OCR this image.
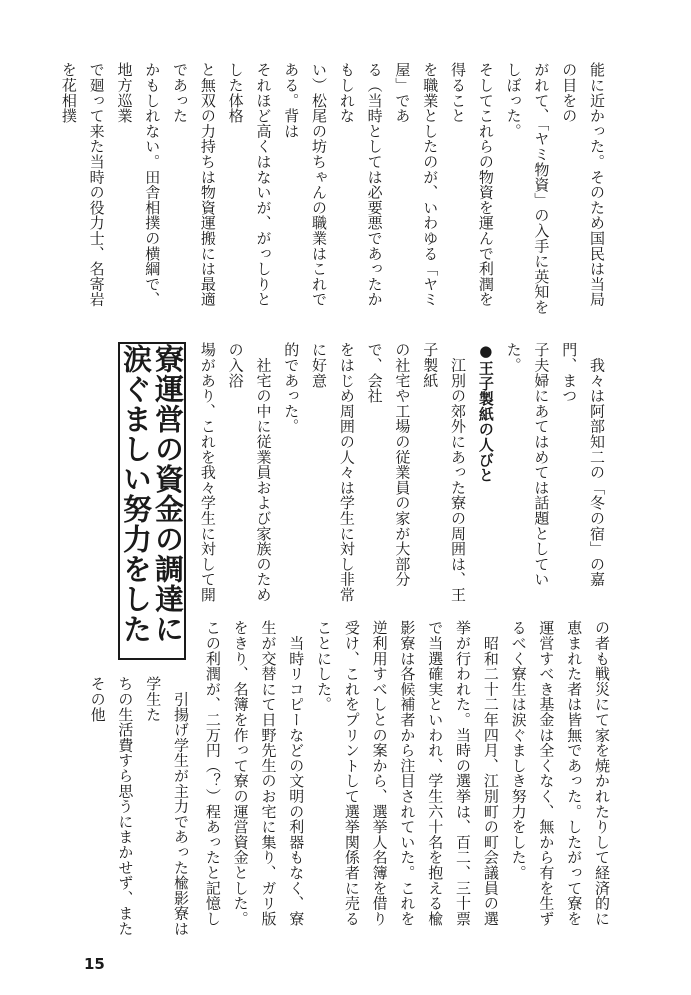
能に近かった。そのため国民は当局の目をの

がれて、「ヤミ物資」の入手に英知をしぼった。

そしてこれらの物資を運んで利潤を得ること

を職業としたのが、いわゆる「ヤミ屋」であ

る（当時としては必要悪であったかもしれな

い）松尾の坊ちゃんの職業はこれである。背は

それほど高くはないが、がっしりとした体格

と無双の力持ちは物資運搬には最適であった

かもしれない。田舎相撲の横綱で、地方巡業

で廻って来た当時の役力士、名寄岩を花相撲

　我々は阿部知二の「冬の宿」の嘉門、まつ

子夫婦にあてはめては話題としていた。

●王子製紙の人びと

　江別の郊外にあった寮の周囲は、王子製紙

の社宅や工場の従業員の家が大部分で、会社

をはじめ周囲の人々は学生に対し非常に好意

的であった。

　社宅の中に従業員および家族のための入浴

場があり、これを我々学生に対して開

寮運営の資金の調達に涙ぐましい努力をした

の者も戦災にて家を焼かれたりして経済的に

恵まれた者は皆無であった。したがって寮を

運営すべき基金は全くなく、無から有を生ず

るべく寮生は涙ぐましき努力をした。

　昭和二十二年四月、江別町の町会議員の選

挙が行われた。当時の選挙は、百二、三十票

で当選確実といわれ、学生六十名を抱える楡

影寮は各候補者から注目されていた。これを

逆利用すべしとの案から、選挙人名簿を借り

受け、これをプリントして選挙関係者に売る

ことにした。

　当時リコピーなどの文明の利器もなく、寮

生が交替にて日野先生のお宅に集り、ガリ版

をきり、名簿を作って寮の運営資金とした。

この利潤が、二万円（？）程あったと記憶し

　引揚げ学生が主力であった楡影寮は学生た

ちの生活費すら思うにまかせず、またその他

15
